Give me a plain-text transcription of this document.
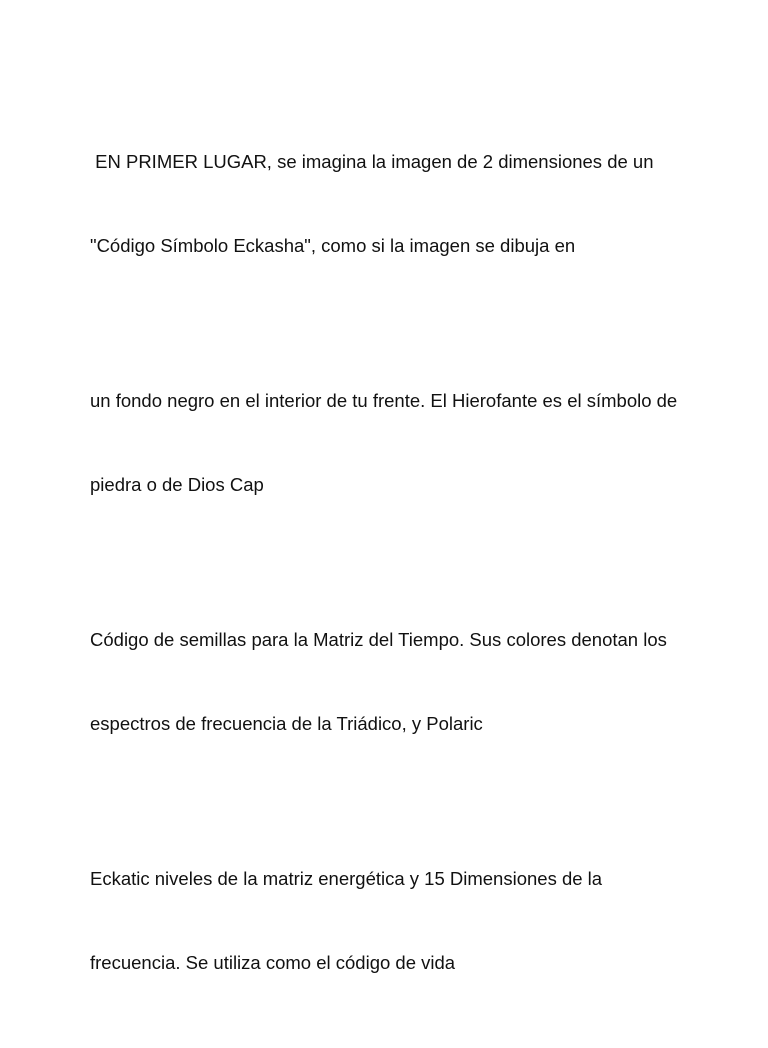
EN PRIMER LUGAR, se imagina la imagen de 2 dimensiones de un

"Código Símbolo Eckasha", como si la imagen se dibuja en

un fondo negro en el interior de tu frente. El Hierofante es el símbolo de

piedra o de Dios Cap

Código de semillas para la Matriz del Tiempo. Sus colores denotan los

espectros de frecuencia de la Triádico, y Polaric

Eckatic niveles de la matriz energética y 15 Dimensiones de la

frecuencia. Se utiliza como el código de vida
